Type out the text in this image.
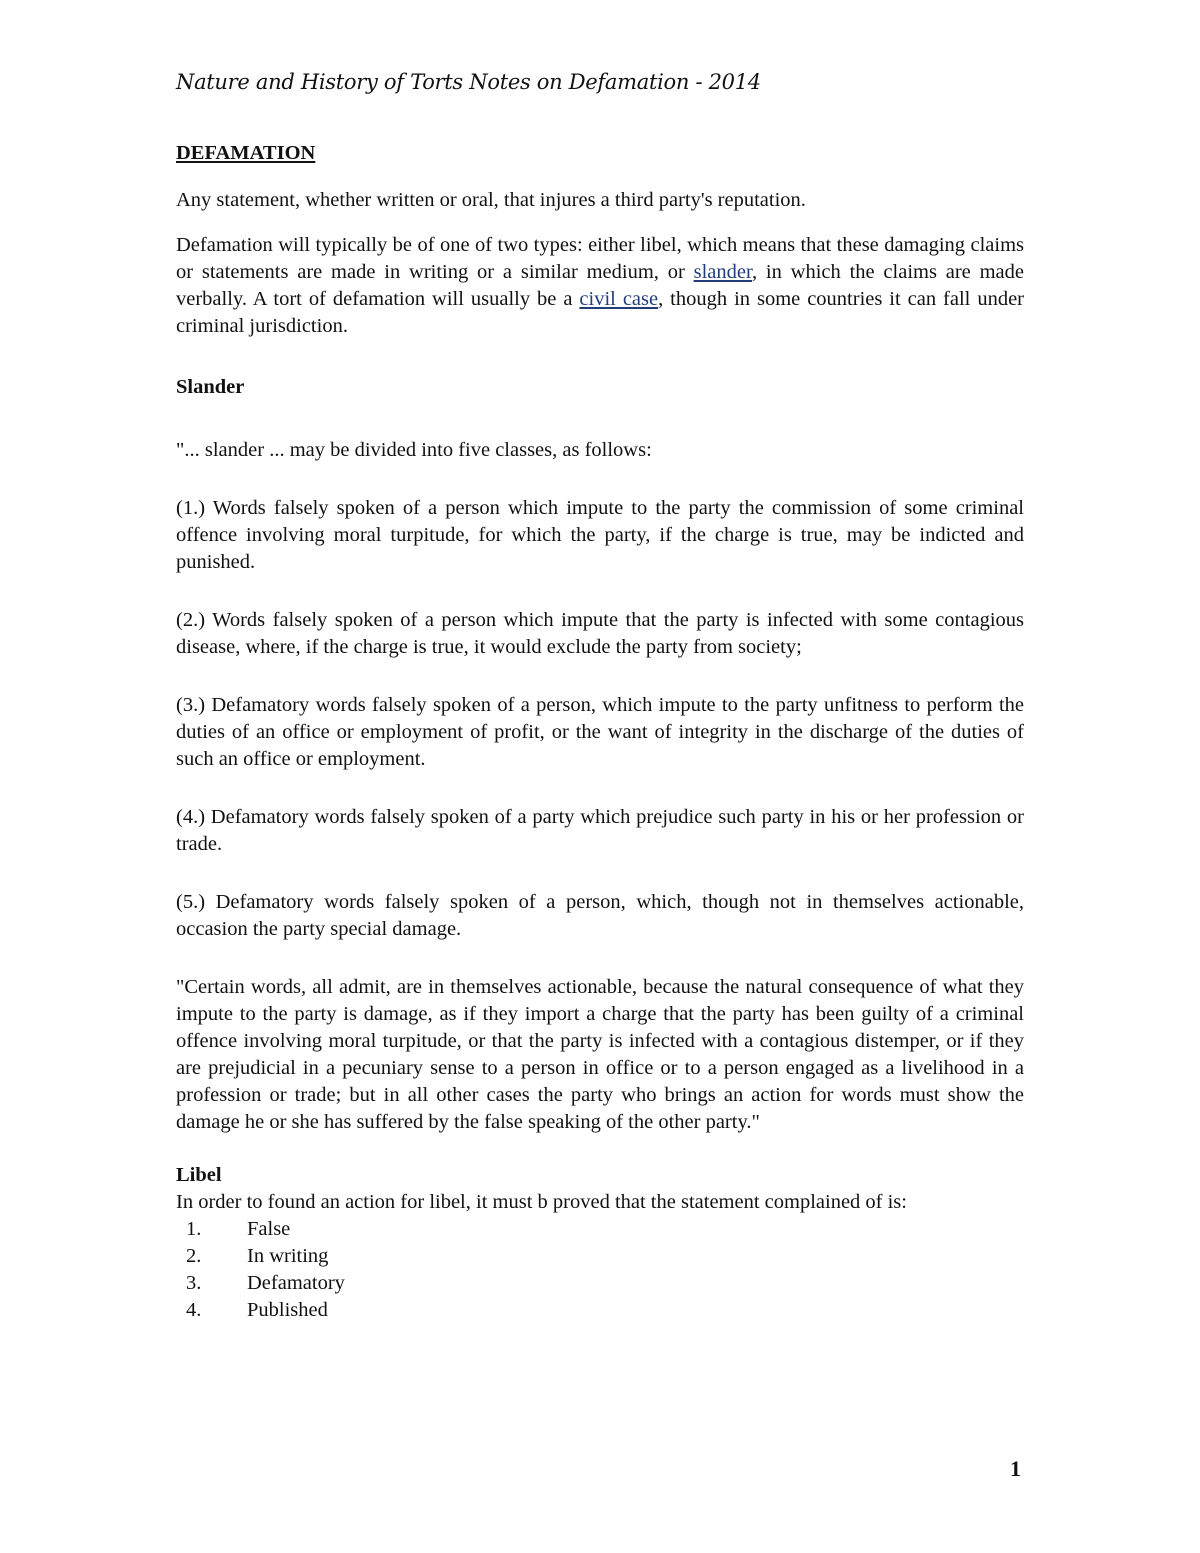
Nature and History of Torts Notes on Defamation - 2014

DEFAMATION

Any statement, whether written or oral, that injures a third party's reputation.

Defamation will typically be of one of two types: either libel, which means that these damaging claims or statements are made in writing or a similar medium, or slander, in which the claims are made verbally. A tort of defamation will usually be a civil case, though in some countries it can fall under criminal jurisdiction.

Slander

"... slander ... may be divided into five classes, as follows:

(1.) Words falsely spoken of a person which impute to the party the commission of some criminal offence involving moral turpitude, for which the party, if the charge is true, may be indicted and punished.

(2.) Words falsely spoken of a person which impute that the party is infected with some contagious disease, where, if the charge is true, it would exclude the party from society;

(3.) Defamatory words falsely spoken of a person, which impute to the party unfitness to perform the duties of an office or employment of profit, or the want of integrity in the discharge of the duties of such an office or employment.

(4.) Defamatory words falsely spoken of a party which prejudice such party in his or her profession or trade.

(5.) Defamatory words falsely spoken of a person, which, though not in themselves actionable, occasion the party special damage.

"Certain words, all admit, are in themselves actionable, because the natural consequence of what they impute to the party is damage, as if they import a charge that the party has been guilty of a criminal offence involving moral turpitude, or that the party is infected with a contagious distemper, or if they are prejudicial in a pecuniary sense to a person in office or to a person engaged as a livelihood in a profession or trade; but in all other cases the party who brings an action for words must show the damage he or she has suffered by the false speaking of the other party."

Libel

In order to found an action for libel, it must b proved that the statement complained of is:

1. False
2. In writing
3. Defamatory
4. Published
1
